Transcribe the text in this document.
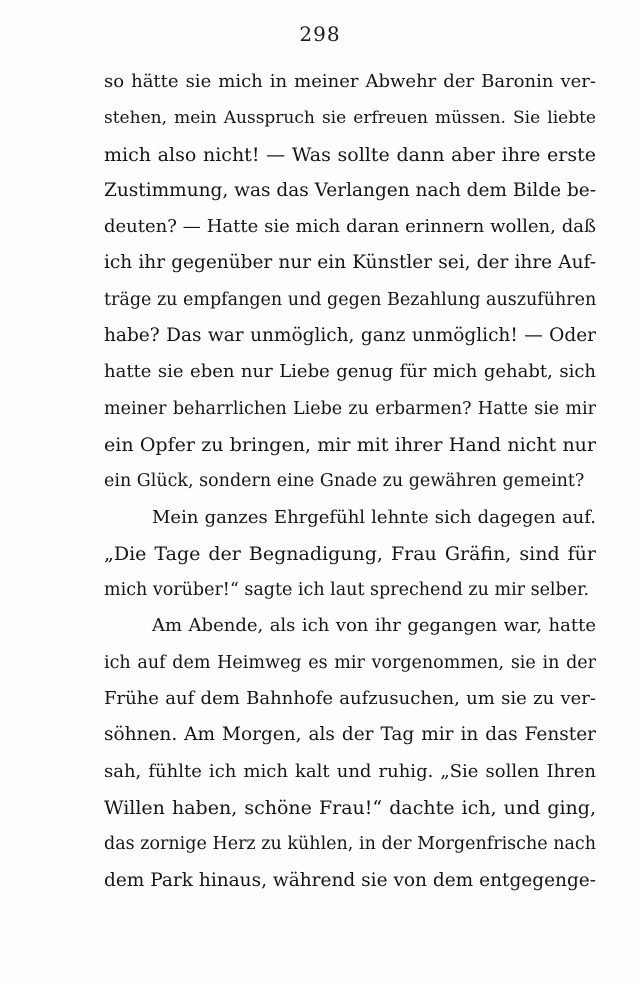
298
so hätte sie mich in meiner Abwehr der Baronin ver-
stehen, mein Ausspruch sie erfreuen müssen. Sie liebte
mich also nicht! — Was sollte dann aber ihre erste
Zustimmung, was das Verlangen nach dem Bilde be-
deuten? — Hatte sie mich daran erinnern wollen, daß
ich ihr gegenüber nur ein Künstler sei, der ihre Auf-
träge zu empfangen und gegen Bezahlung auszuführen
habe? Das war unmöglich, ganz unmöglich! — Oder
hatte sie eben nur Liebe genug für mich gehabt, sich
meiner beharrlichen Liebe zu erbarmen? Hatte sie mir
ein Opfer zu bringen, mir mit ihrer Hand nicht nur
ein Glück, sondern eine Gnade zu gewähren gemeint?
Mein ganzes Ehrgefühl lehnte sich dagegen auf.
„Die Tage der Begnadigung, Frau Gräfin, sind für
mich vorüber!“ sagte ich laut sprechend zu mir selber.
Am Abende, als ich von ihr gegangen war, hatte
ich auf dem Heimweg es mir vorgenommen, sie in der
Frühe auf dem Bahnhofe aufzusuchen, um sie zu ver-
söhnen. Am Morgen, als der Tag mir in das Fenster
sah, fühlte ich mich kalt und ruhig. „Sie sollen Ihren
Willen haben, schöne Frau!“ dachte ich, und ging,
das zornige Herz zu kühlen, in der Morgenfrische nach
dem Park hinaus, während sie von dem entgegenge-
